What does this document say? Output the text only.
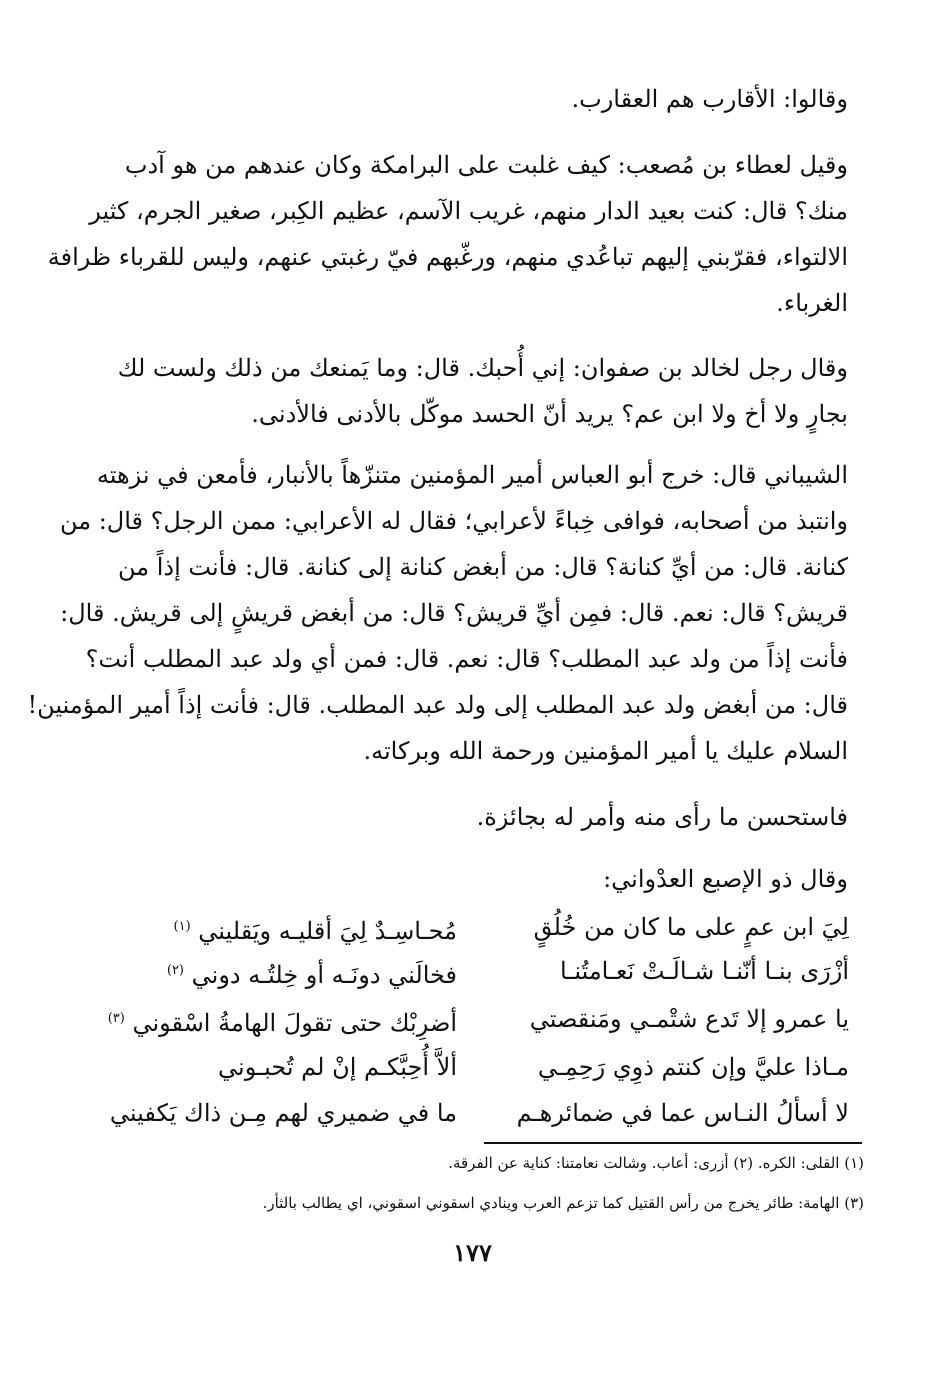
وقالوا: الأقارب هم العقارب.

وقيل لعطاء بن مُصعب: كيف غلبت على البرامكة وكان عندهم من هو آدب
منك؟ قال: كنت بعيد الدار منهم، غريب الآسم، عظيم الكِبر، صغير الجرم، كثير
الالتواء، فقرّبني إليهم تباعُدي منهم، ورغّبهم فيّ رغبتي عنهم، وليس للقرباء ظرافة
الغرباء.

وقال رجل لخالد بن صفوان: إني أُحبك. قال: وما يَمنعك من ذلك ولست لك
بجارٍ ولا أخ ولا ابن عم؟ يريد أنّ الحسد موكّل بالأدنى فالأدنى.

الشيباني قال: خرج أبو العباس أمير المؤمنين متنزّهاً بالأنبار، فأمعن في نزهته
وانتبذ من أصحابه، فوافى خِباءً لأعرابي؛ فقال له الأعرابي: ممن الرجل؟ قال: من
كنانة. قال: من أيِّ كنانة؟ قال: من أبغض كنانة إلى كنانة. قال: فأنت إذاً من
قريش؟ قال: نعم. قال: فمِن أيِّ قريش؟ قال: من أبغض قريشٍ إلى قريش. قال:
فأنت إذاً من ولد عبد المطلب؟ قال: نعم. قال: فمن أي ولد عبد المطلب أنت؟
قال: من أبغض ولد عبد المطلب إلى ولد عبد المطلب. قال: فأنت إذاً أمير المؤمنين!
السلام عليك يا أمير المؤمنين ورحمة الله وبركاته.

فاستحسن ما رأى منه وأمر له بجائزة.

وقال ذو الإصبع العدْواني:

لِيَ ابن عمٍ على ما كان من خُلُقٍ
مُحـاسِـدٌ لِيَ أقليـه ويَقليني $^{(١)}$
أزْرَى بنـا أنّنـا شـالَـتْ نَعـامتُنـا
فخالَني دونَـه أو خِلتُـه دوني $^{(٢)}$
يا عمرو إلا تَدع شتْمـي ومَنقصتي
أضرِبْك حتى تقولَ الهامةُ اسْقوني $^{(٣)}$
مـاذا عليَّ وإن كنتم ذوِي رَحِمِـي
ألاَّ أُحِبَّكـم إنْ لم تُحبـوني
لا أسألُ النـاس عما في ضمائرهـم
ما في ضميري لهم مِـن ذاك يَكفيني
(١) القلى: الكره. (٢) أزرى: أعاب. وشالت نعامتنا: كناية عن الفرقة.
(٣) الهامة: طائر يخرج من رأس القتيل كما تزعم العرب وينادي اسقوني اسقوني، اي يطالب بالثأر.
١٧٧
